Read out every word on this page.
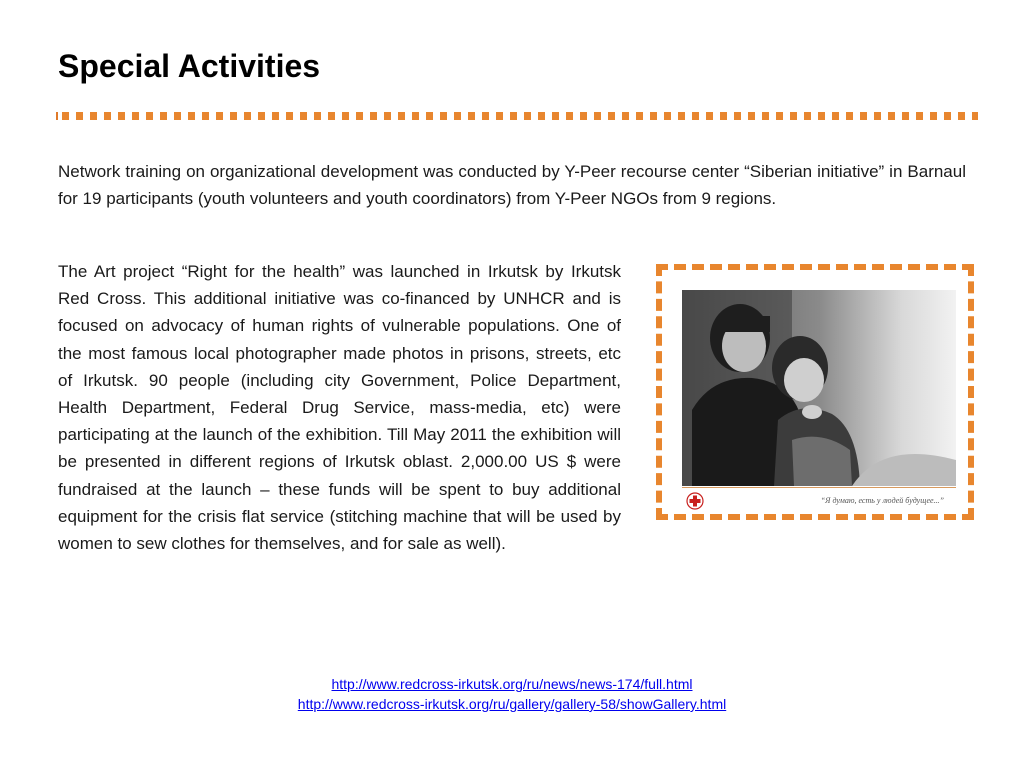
Special Activities

Network training on organizational development was conducted by Y-Peer recourse center “Siberian initiative” in Barnaul for 19 participants (youth volunteers and youth coordinators) from Y-Peer NGOs from 9 regions.

The Art project “Right for the health” was launched in Irkutsk by Irkutsk Red Cross. This additional initiative was co-financed by UNHCR and is focused on advocacy of human rights of vulnerable populations. One of the most famous local photographer made photos in prisons, streets, etc of Irkutsk. 90 people (including city Government, Police Department, Health Department, Federal Drug Service, mass-media, etc) were participating at the launch of the exhibition. Till May 2011 the exhibition will be presented in different regions of Irkutsk oblast. 2,000.00 US $ were fundraised at the launch – these funds will be spent to buy additional equipment for the crisis flat service (stitching machine that will be used by women to sew clothes for themselves, and for sale as well).

“Я думаю, есть у людей будущее...”
http://www.redcross-irkutsk.org/ru/news/news-174/full.html
http://www.redcross-irkutsk.org/ru/gallery/gallery-58/showGallery.html
